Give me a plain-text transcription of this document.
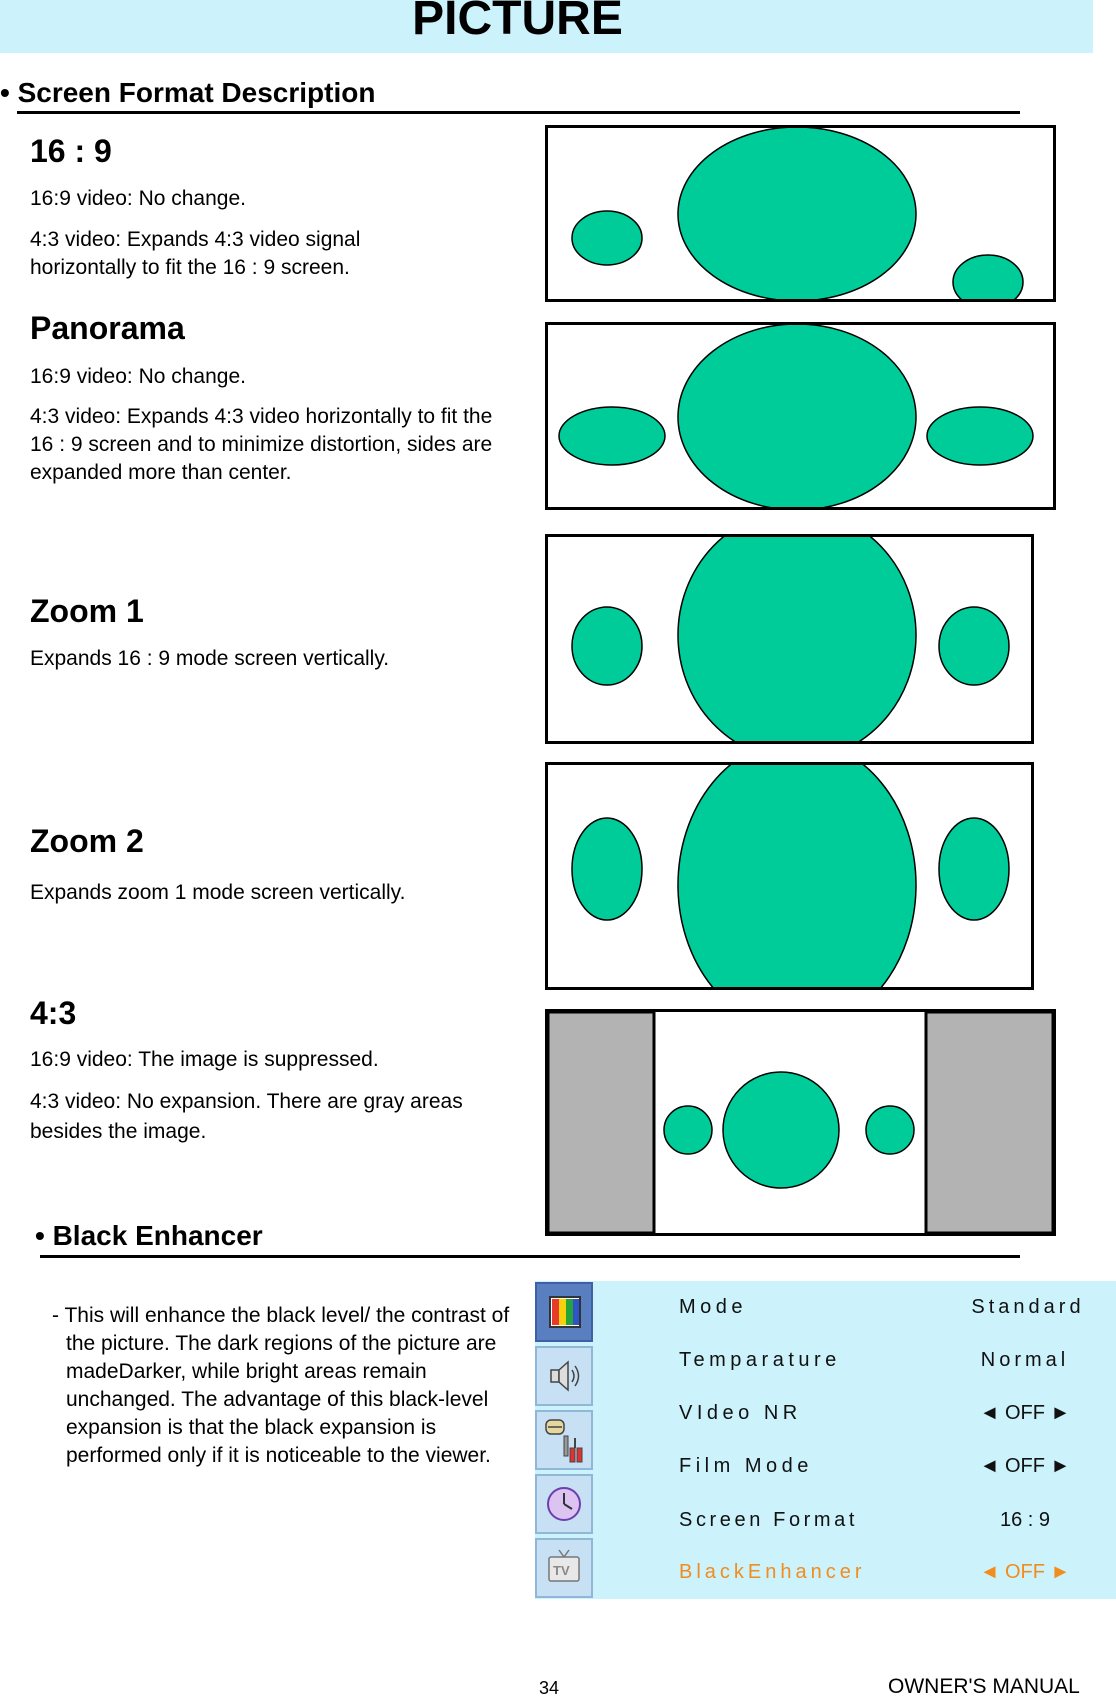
PICTURE
• Screen Format Description
16 : 9
16:9 video: No change.
4:3 video: Expands 4:3 video signal horizontally to fit the 16 : 9 screen.
Panorama
16:9 video: No change.
4:3 video: Expands 4:3 video horizontally to fit the 16 : 9 screen and to minimize distortion, sides are expanded more than center.
Zoom 1
Expands 16 : 9 mode screen vertically.
Zoom 2
Expands zoom 1 mode screen vertically.
4:3
16:9 video: The image is suppressed.
4:3 video: No expansion. There are gray areas besides the image.
• Black Enhancer
- This will enhance the black level/ the contrast of the picture. The dark regions of the picture are madeDarker, while bright areas remain unchanged. The advantage of this black-level expansion is that the black expansion is performed only if it is noticeable to the viewer.
TV
Mode	Standard
Temparature	Normal
VIdeo NR	◄ OFF ►
Film Mode	◄ OFF ►
Screen Format	16 : 9
BlackEnhancer	◄ OFF ►
34	OWNER'S MANUAL
